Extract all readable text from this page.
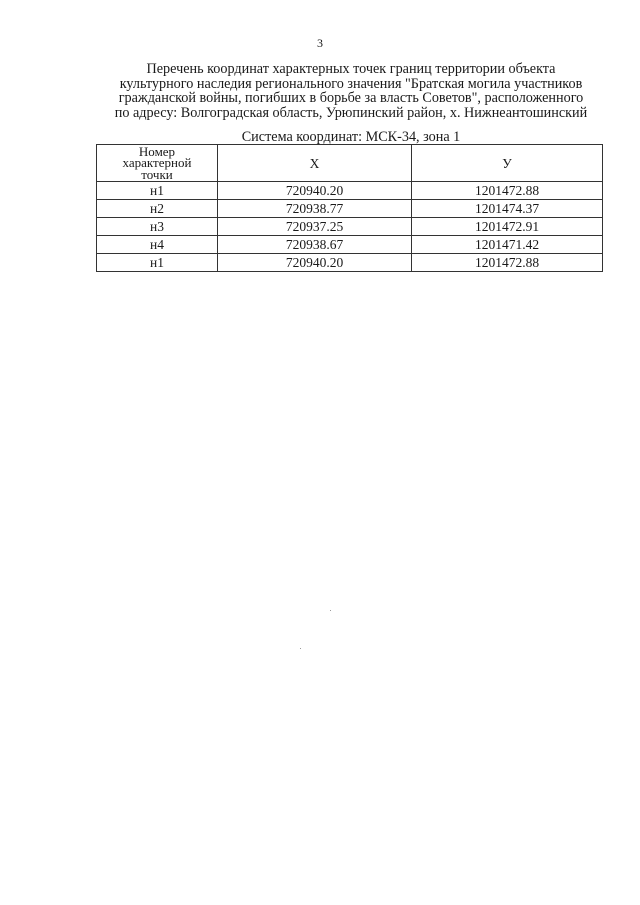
3
Перечень координат характерных точек границ территории объекта
культурного наследия регионального значения "Братская могила участников
гражданской войны, погибших в борьбе за власть Советов", расположенного
по адресу: Волгоградская область, Урюпинский район, х. Нижнеантошинский
Система координат: МСК-34, зона 1
Номер
характерной
точки	X	У
н1	720940.20	1201472.88
н2	720938.77	1201474.37
н3	720937.25	1201472.91
н4	720938.67	1201471.42
н1	720940.20	1201472.88
